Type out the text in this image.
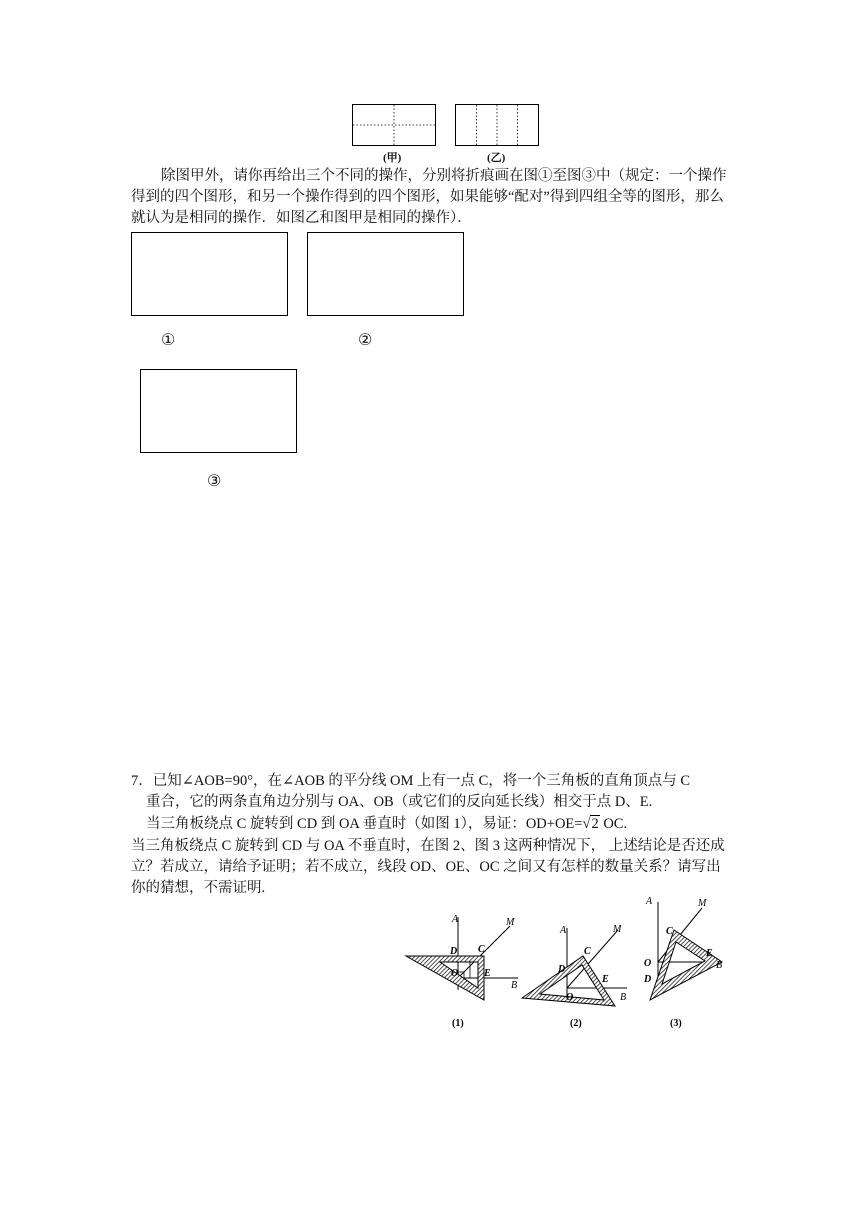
(甲)	(乙)
除图甲外，请你再给出三个不同的操作，分别将折痕画在图①至图③中（规定：一个操作得到的四个图形，和另一个操作得到的四个图形，如果能够“配对”得到四组全等的图形，那么就认为是相同的操作．如图乙和图甲是相同的操作）．
①	②
③
7．已知∠AOB=90°，在∠AOB 的平分线 OM 上有一点 C，将一个三角板的直角顶点与 C
重合，它的两条直角边分别与 OA、OB（或它们的反向延长线）相交于点 D、E.
当三角板绕点 C 旋转到 CD 到 OA 垂直时（如图 1），易证：OD+OE=√2 OC.
当三角板绕点 C 旋转到 CD 与 OA 不垂直时，在图 2、图 3 这两种情况下， 上述结论是否还成立？若成立，请给予证明；若不成立，线段 OD、OE、OC 之间又有怎样的数量关系？请写出你的猜想，不需证明.
A	M
D C
O	E
B
(1)
A	M
C
D
O
E
B
(2)
A	M
C
O
E
D
B
(3)
